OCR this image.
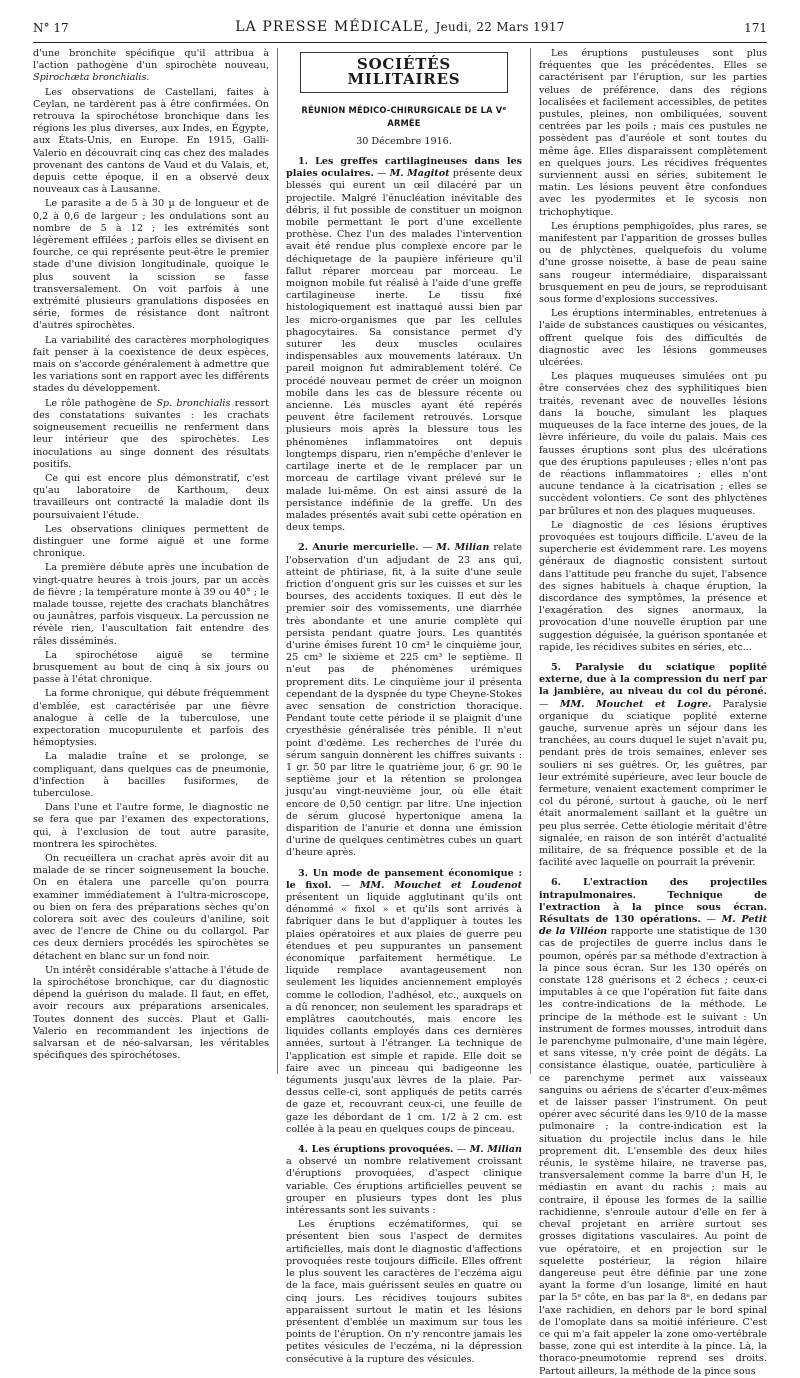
N° 17	LA PRESSE MÉDICALE, Jeudi, 22 Mars 1917	171

d'une bronchite spécifique qu'il attribua à l'action pathogène d'un spirochète nouveau, Spirochæta bronchialis.

Les observations de Castellani, faites à Ceylan, ne tardèrent pas à être confirmées. On retrouva la spirochétose bronchique dans les régions les plus diverses, aux Indes, en Égypte, aux États-Unis, en Europe. En 1915, Galli-Valerio en découvrait cinq cas chez des malades provenant des cantons de Vaud et du Valais, et, depuis cette époque, il en a observé deux nouveaux cas à Lausanne.

Le parasite a de 5 à 30 µ de longueur et de 0,2 à 0,6 de largeur ; les ondulations sont au nombre de 5 à 12 ; les extrémités sont légèrement effilées ; parfois elles se divisent en fourche, ce qui représente peut-être le premier stade d'une division longitudinale, quoique le plus souvent la scission se fasse transversalement. On voit parfois à une extrémité plusieurs granulations disposées en série, formes de résistance dont naîtront d'autres spirochètes.

La variabilité des caractères morphologiques fait penser à la coexistence de deux espèces, mais on s'accorde généralement à admettre que les variations sont en rapport avec les différents stades du développement.

Le rôle pathogène de Sp. bronchialis ressort des constatations suivantes : les crachats soigneusement recueillis ne renferment dans leur intérieur que des spirochètes. Les inoculations au singe donnent des résultats positifs.

Ce qui est encore plus démonstratif, c'est qu'au laboratoire de Karthoum, deux travailleurs ont contracté la maladie dont ils poursuivaient l'étude.

Les observations cliniques permettent de distinguer une forme aiguë et une forme chronique.

La première débute après une incubation de vingt-quatre heures à trois jours, par un accès de fièvre ; la température monte à 39 ou 40° ; le malade tousse, rejette des crachats blanchâtres ou jaunâtres, parfois visqueux. La percussion ne révèle rien, l'auscultation fait entendre des râles disséminés.

La spirochétose aiguë se termine brusquement au bout de cinq à six jours ou passe à l'état chronique.

La forme chronique, qui débute fréquemment d'emblée, est caractérisée par une fièvre analogue à celle de la tuberculose, une expectoration mucopurulente et parfois des hémoptysies.

La maladie traîne et se prolonge, se compliquant, dans quelques cas de pneumonie, d'infection à bacilles fusiformes, de tuberculose.

Dans l'une et l'autre forme, le diagnostic ne se fera que par l'examen des expectorations, qui, à l'exclusion de tout autre parasite, montrera les spirochètes.

On recueillera un crachat après avoir dit au malade de se rincer soigneusement la bouche. On en étalera une parcelle qu'on pourra examiner immédiatement à l'ultra-microscope, ou bien on fera des préparations sèches qu'on colorera soit avec des couleurs d'aniline, soit avec de l'encre de Chine ou du collargol. Par ces deux derniers procédés les spirochètes se détachent en blanc sur un fond noir.

Un intérêt considérable s'attache à l'étude de la spirochétose bronchique, car du diagnostic dépend la guérison du malade. Il faut, en effet, avoir recours aux préparations arsenicales. Toutes donnent des succès. Plaut et Galli-Valerio en recommandent les injections de salvarsan et de néo-salvarsan, les véritables spécifiques des spirochétoses.

SOCIÉTÉS MILITAIRES
RÉUNION MÉDICO-CHIRURGICALE DE LA Vᵉ ARMÉE
30 Décembre 1916.

1. Les greffes cartilagineuses dans les plaies oculaires. — M. Magitot présente deux blessés qui eurent un œil dilacéré par un projectile. Malgré l'énucléation inévitable des débris, il fut possible de constituer un moignon mobile permettant le port d'une excellente prothèse. Chez l'un des malades l'intervention avait été rendue plus complexe encore par le déchiquetage de la paupière inférieure qu'il fallut réparer morceau par morceau. Le moignon mobile fut réalisé à l'aide d'une greffe cartilagineuse inerte. Le tissu fixé histologiquement est inattaqué aussi bien par les micro-organismes que par les cellules phagocytaires. Sa consistance permet d'y suturer les deux muscles oculaires indispensables aux mouvements latéraux. Un pareil moignon fut admirablement toléré. Ce procédé nouveau permet de créer un moignon mobile dans les cas de blessure récente ou ancienne. Les muscles ayant été repérés peuvent être facilement retrouvés. Lorsque plusieurs mois après la blessure tous les phénomènes inflammatoires ont depuis longtemps disparu, rien n'empêche d'enlever le cartilage inerte et de le remplacer par un morceau de cartilage vivant prélevé sur le malade lui-même. On est ainsi assuré de la persistance indéfinie de la greffe. Un des malades présentés avait subi cette opération en deux temps.

2. Anurie mercurielle. — M. Milian relate l'observation d'un adjudant de 23 ans qui, atteint de phtiriase, fit, à la suite d'une seule friction d'onguent gris sur les cuisses et sur les bourses, des accidents toxiques. Il eut dès le premier soir des vomissements, une diarrhée très abondante et une anurie complète qui persista pendant quatre jours. Les quantités d'urine émises furent 10 cm³ le cinquième jour, 25 cm³ le sixième et 225 cm³ le septième. Il n'eut pas de phénomènes urémiques proprement dits. Le cinquième jour il présenta cependant de la dyspnée du type Cheyne-Stokes avec sensation de constriction thoracique. Pendant toute cette période il se plaignit d'une cryesthésie généralisée très pénible. Il n'eut point d'œdème. Les recherches de l'urée du sérum sanguin donnèrent les chiffres suivants : 1 gr. 50 par litre le quatrième jour, 6 gr. 90 le septième jour et la rétention se prolongea jusqu'au vingt-neuvième jour, où elle était encore de 0,50 centigr. par litre. Une injection de sérum glucosé hypertonique amena la disparition de l'anurie et donna une émission d'urine de quelques centimètres cubes un quart d'heure après.

3. Un mode de pansement économique : le fixol. — MM. Mouchet et Loudenot présentent un liquide agglutinant qu'ils ont dénommé « fixol » et qu'ils sont arrivés à fabriquer dans le but d'appliquer à toutes les plaies opératoires et aux plaies de guerre peu étendues et peu suppurantes un pansement économique parfaitement hermétique. Le liquide remplace avantageusement non seulement les liquides anciennement employés comme le collodion, l'adhésol, etc., auxquels on a dû renoncer, non seulement les sparadraps et emplâtres caoutchoutés, mais encore les liquides collants employés dans ces dernières années, surtout à l'étranger. La technique de l'application est simple et rapide. Elle doit se faire avec un pinceau qui badigeonne les téguments jusqu'aux lèvres de la plaie. Par-dessus celle-ci, sont appliqués de petits carrés de gaze et, recouvrant ceux-ci, une feuille de gaze les débordant de 1 cm. 1/2 à 2 cm. est collée à la peau en quelques coups de pinceau.

4. Les éruptions provoquées. — M. Milian a observé un nombre relativement croissant d'éruptions provoquées, d'aspect clinique variable. Ces éruptions artificielles peuvent se grouper en plusieurs types dont les plus intéressants sont les suivants :

Les éruptions eczématiformes, qui se présentent bien sous l'aspect de dermites artificielles, mais dont le diagnostic d'affections provoquées reste toujours difficile. Elles offrent le plus souvent les caractères de l'eczéma aigu de la face, mais guérissent seules en quatre ou cinq jours. Les récidives toujours subites apparaissent surtout le matin et les lésions présentent d'emblée un maximum sur tous les points de l'éruption. On n'y rencontre jamais les petites vésicules de l'eczéma, ni la dépression consécutive à la rupture des vésicules.

Les éruptions pustuleuses sont plus fréquentes que les précédentes. Elles se caractérisent par l'éruption, sur les parties velues de préférence, dans des régions localisées et facilement accessibles, de petites pustules, pleines, non ombiliquées, souvent centrées par les poils ; mais ces pustules ne possèdent pas d'auréole et sont toutes du même âge. Elles disparaissent complètement en quelques jours. Les récidives fréquentes surviennent aussi en séries, subitement le matin. Les lésions peuvent être confondues avec les pyodermites et le sycosis non trichophytique.

Les éruptions pemphigoïdes, plus rares, se manifestent par l'apparition de grosses bulles ou de phlyctènes, quelquefois du volume d'une grosse noisette, à base de peau saine sans rougeur intermédiaire, disparaissant brusquement en peu de jours, se reproduisant sous forme d'explosions successives.

Les éruptions interminables, entretenues à l'aide de substances caustiques ou vésicantes, offrent quelque fois des difficultés de diagnostic avec les lésions gommeuses ulcérées.

Les plaques muqueuses simulées ont pu être conservées chez des syphilitiques bien traités, revenant avec de nouvelles lésions dans la bouche, simulant les plaques muqueuses de la face interne des joues, de la lèvre inférieure, du voile du palais. Mais ces fausses éruptions sont plus des ulcérations que des éruptions papuleuses ; elles n'ont pas de réactions inflammatoires ; elles n'ont aucune tendance à la cicatrisation ; elles se succèdent volontiers. Ce sont des phlyctènes par brûlures et non des plaques muqueuses.

Le diagnostic de ces lésions éruptives provoquées est toujours difficile. L'aveu de la supercherie est évidemment rare. Les moyens généraux de diagnostic consistent surtout dans l'attitude peu franche du sujet, l'absence des signes habituels à chaque éruption, la discordance des symptômes, la présence et l'exagération des signes anormaux, la provocation d'une nouvelle éruption par une suggestion déguisée, la guérison spontanée et rapide, les récidives subites en séries, etc...

5. Paralysie du sciatique poplité externe, due à la compression du nerf par la jambière, au niveau du col du péroné. — MM. Mouchet et Logre. Paralysie organique du sciatique poplité externe gauche, survenue après un séjour dans les tranchées, au cours duquel le sujet n'avait pu, pendant près de trois semaines, enlever ses souliers ni ses guêtres. Or, les guêtres, par leur extrémité supérieure, avec leur boucle de fermeture, venaient exactement comprimer le col du péroné, surtout à gauche, où le nerf était anormalement saillant et la guêtre un peu plus serrée. Cette étiologie méritait d'être signalée, en raison de son intérêt d'actualité militaire, de sa fréquence possible et de la facilité avec laquelle on pourrait la prévenir.

6. L'extraction des projectiles intrapulmonaires. Technique de l'extraction à la pince sous écran. Résultats de 130 opérations. — M. Petit de la Villéon rapporte une statistique de 130 cas de projectiles de guerre inclus dans le poumon, opérés par sa méthode d'extraction à la pince sous écran. Sur les 130 opérés on constate 128 guérisons et 2 échecs ; ceux-ci imputables à ce que l'opération fut faite dans les contre-indications de la méthode. Le principe de la méthode est le suivant : Un instrument de formes mousses, introduit dans le parenchyme pulmonaire, d'une main légère, et sans vitesse, n'y crée point de dégâts. La consistance élastique, ouatée, particulière à ce parenchyme permet aux vaisseaux sanguins ou aériens de s'écarter d'eux-mêmes et de laisser passer l'instrument. On peut opérer avec sécurité dans les 9/10 de la masse pulmonaire ; la contre-indication est la situation du projectile inclus dans le hile proprement dit. L'ensemble des deux hiles réunis, le système hilaire, ne traverse pas, transversalement comme la barre d'un H, le médiastin en avant du rachis ; mais au contraire, il épouse les formes de la saillie rachidienne, s'enroule autour d'elle en fer à cheval projetant en arrière surtout ses grosses digitations vasculaires. Au point de vue opératoire, et en projection sur le squelette postérieur, la région hilaire dangereuse peut être définie par une zone ayant la forme d'un losange, limité en haut par la 5ᵉ côte, en bas par la 8ᵉ, en dedans par l'axe rachidien, en dehors par le bord spinal de l'omoplate dans sa moitié inférieure. C'est ce qui m'a fait appeler la zone omo-vertébrale basse, zone qui est interdite à la pince. Là, la thoraco-pneumotomie reprend ses droits. Partout ailleurs, la méthode de la pince sous
